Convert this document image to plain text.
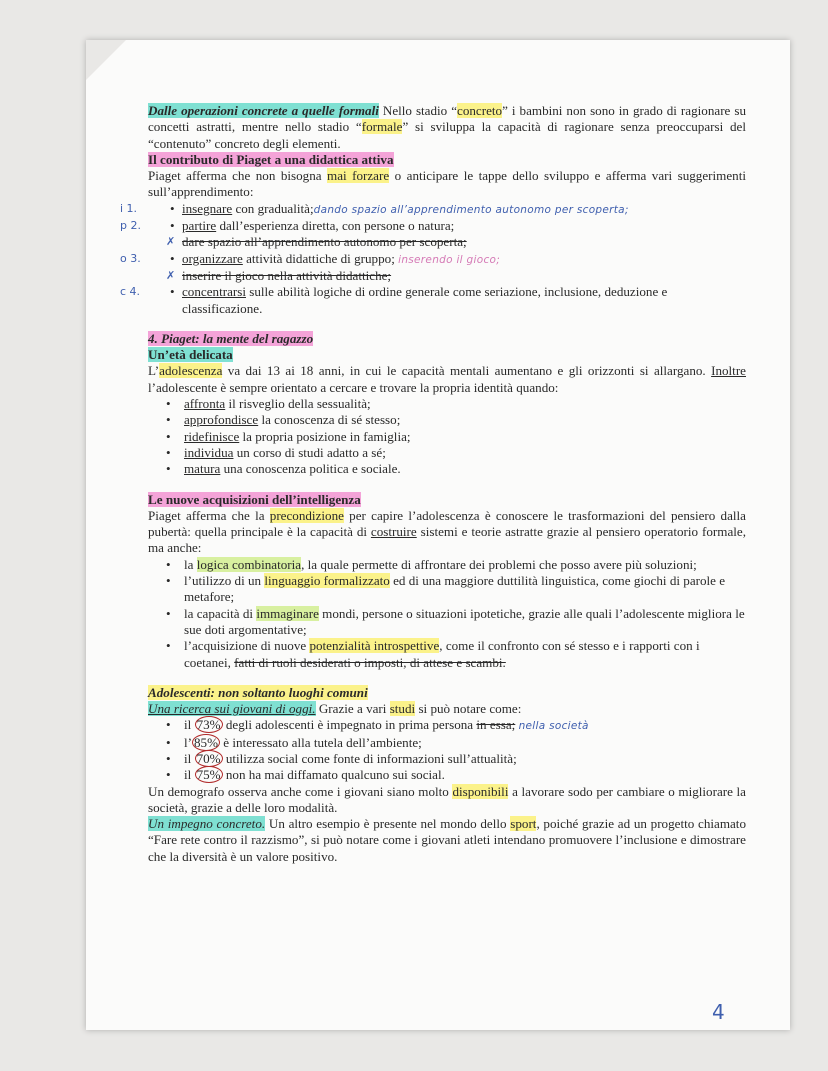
Dalle operazioni concrete a quelle formali Nello stadio “concreto” i bambini non sono in grado di ragionare su concetti astratti, mentre nello stadio “formale” si sviluppa la capacità di ragionare senza preoccuparsi del “contenuto” concreto degli elementi.

Il contributo di Piaget a una didattica attiva

Piaget afferma che non bisogna mai forzare o anticipare le tappe dello sviluppo e afferma vari suggerimenti sull’apprendimento:

i 1.	• insegnare con gradualità;dando spazio all’apprendimento autonomo per scoperta;
p 2.	• partire dall’esperienza diretta, con persone o natura;
✗ dare spazio all’apprendimento autonomo per scoperta;
o 3.	• organizzare attività didattiche di gruppo; inserendo il gioco;
✗ inserire il gioco nella attività didattiche;
c 4.	• concentrarsi sulle abilità logiche di ordine generale come seriazione, inclusione, deduzione e classificazione.

4. Piaget: la mente del ragazzo

Un’età delicata

L’adolescenza va dai 13 ai 18 anni, in cui le capacità mentali aumentano e gli orizzonti si allargano. Inoltre l’adolescente è sempre orientato a cercare e trovare la propria identità quando:

• affronta il risveglio della sessualità;
• approfondisce la conoscenza di sé stesso;
• ridefinisce la propria posizione in famiglia;
• individua un corso di studi adatto a sé;
• matura una conoscenza politica e sociale.

Le nuove acquisizioni dell’intelligenza

Piaget afferma che la precondizione per capire l’adolescenza è conoscere le trasformazioni del pensiero dalla pubertà: quella principale è la capacità di costruire sistemi e teorie astratte grazie al pensiero operatorio formale, ma anche:

• la logica combinatoria, la quale permette di affrontare dei problemi che posso avere più soluzioni;
• l’utilizzo di un linguaggio formalizzato ed di una maggiore duttilità linguistica, come giochi di parole e metafore;
• la capacità di immaginare mondi, persone o situazioni ipotetiche, grazie alle quali l’adolescente migliora le sue doti argomentative;
• l’acquisizione di nuove potenzialità introspettive, come il confronto con sé stesso e i rapporti con i coetanei, fatti di ruoli desiderati o imposti, di attese e scambi.

Adolescenti: non soltanto luoghi comuni

Una ricerca sui giovani di oggi. Grazie a vari studi si può notare come:

• il 73% degli adolescenti è impegnato in prima persona in essa; nella società
• l’ 85% è interessato alla tutela dell’ambiente;
• il 70% utilizza social come fonte di informazioni sull’attualità;
• il 75% non ha mai diffamato qualcuno sui social.

Un demografo osserva anche come i giovani siano molto disponibili a lavorare sodo per cambiare o migliorare la società, grazie a delle loro modalità.

Un impegno concreto. Un altro esempio è presente nel mondo dello sport, poiché grazie ad un progetto chiamato “Fare rete contro il razzismo”, si può notare come i giovani atleti intendano promuovere l’inclusione e dimostrare che la diversità è un valore positivo.

4
